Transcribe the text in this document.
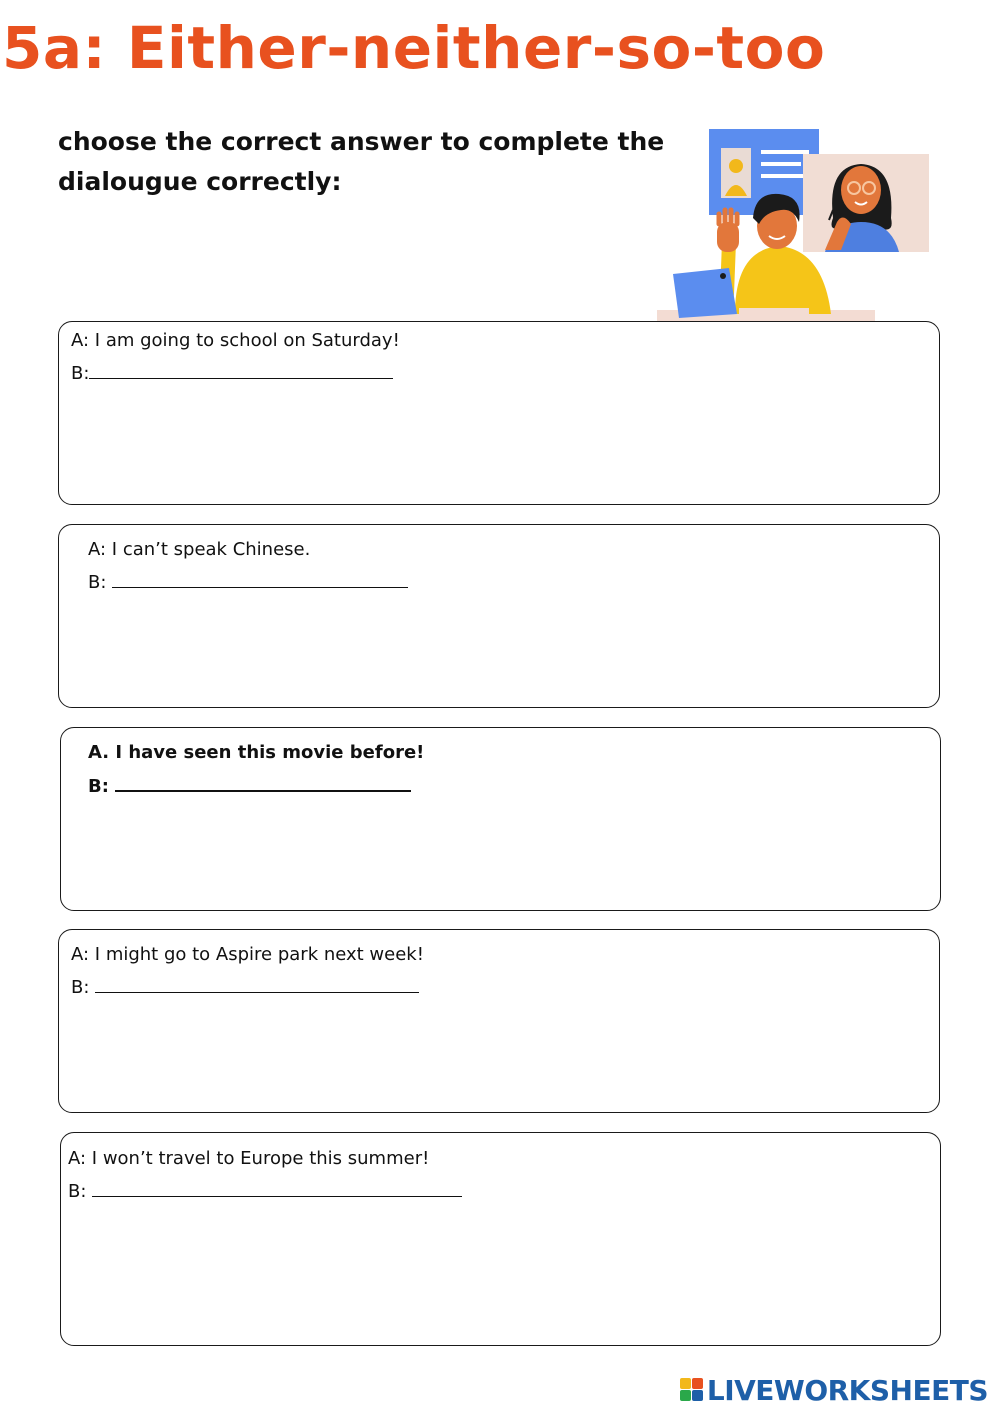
5a: Either-neither-so-too
choose the correct answer to complete the dialougue correctly:
A: I am going to school on Saturday!
B:
A: I can’t speak Chinese.
B:
A. I have seen this movie before!
B:
A: I might go to Aspire park next week!
B:
A: I won’t travel to Europe this summer!
B:
LIVEWORKSHEETS
